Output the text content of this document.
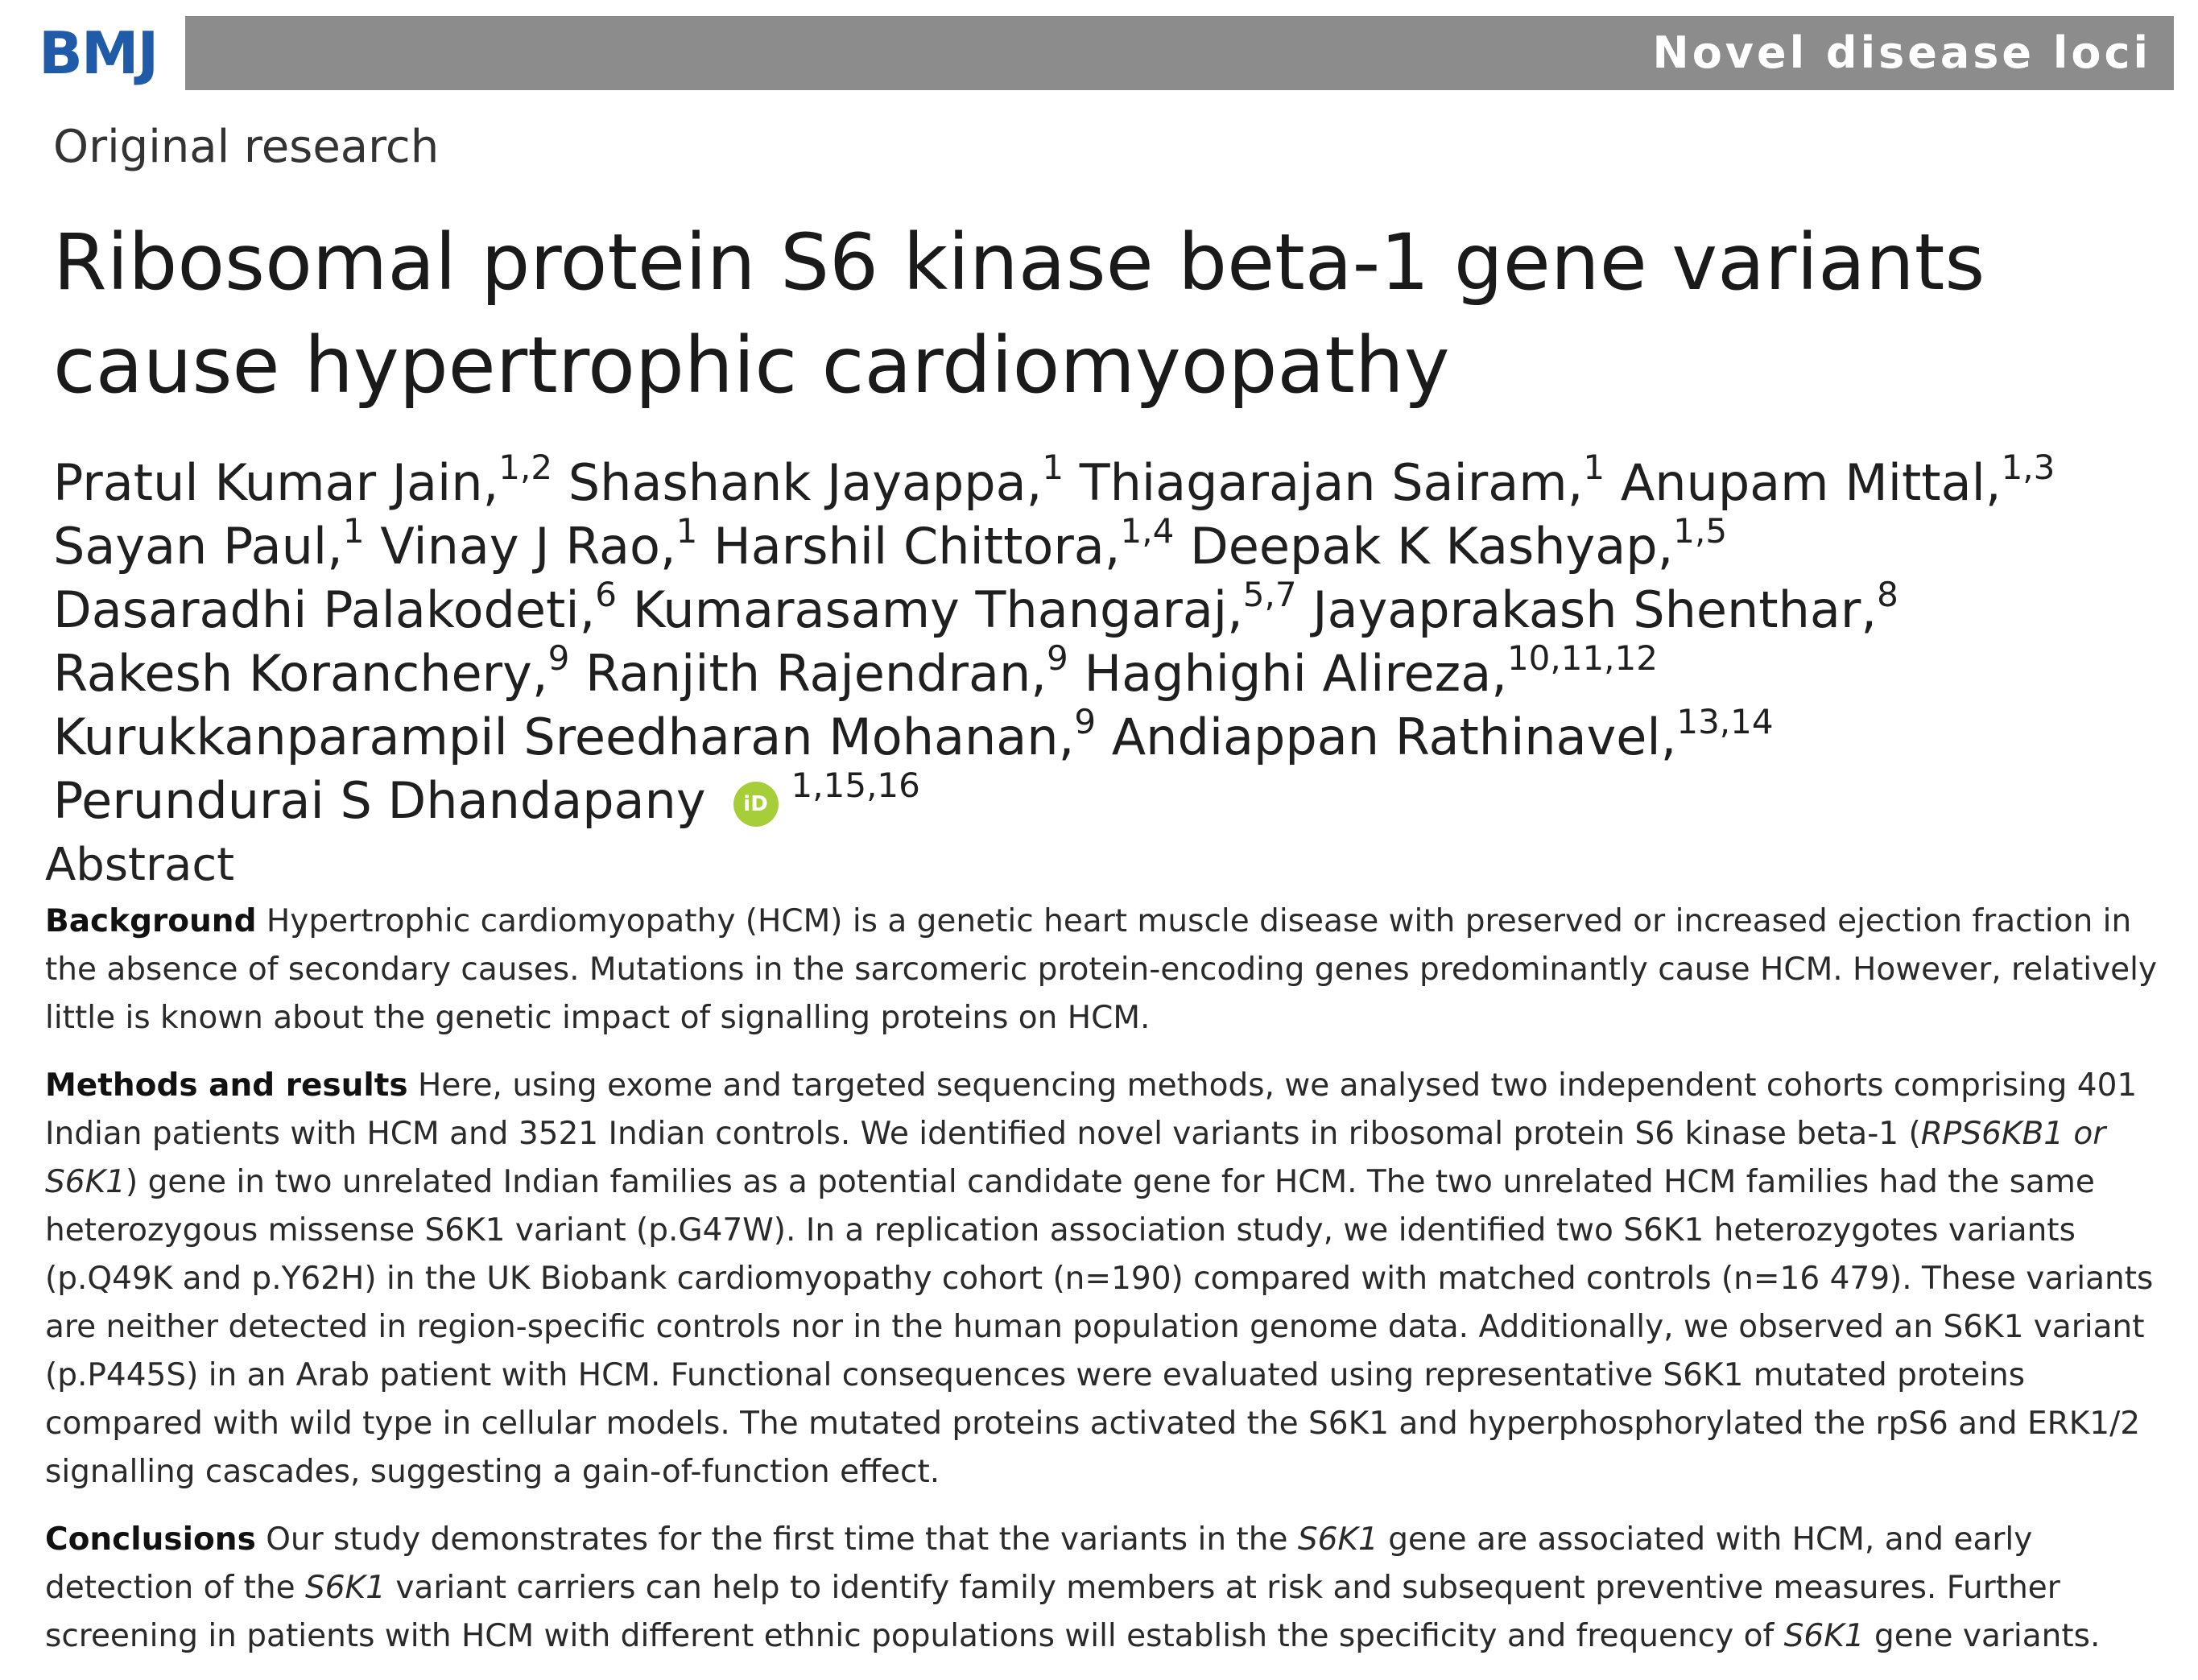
BMJ	Novel disease loci
Original research
Ribosomal protein S6 kinase beta-1 gene variants cause hypertrophic cardiomyopathy
Pratul Kumar Jain,$^{1,2}$ Shashank Jayappa,$^1$ Thiagarajan Sairam,$^1$ Anupam Mittal,$^{1,3}$
Sayan Paul,$^1$ Vinay J Rao,$^1$ Harshil Chittora,$^{1,4}$ Deepak K Kashyap,$^{1,5}$
Dasaradhi Palakodeti,$^6$ Kumarasamy Thangaraj,$^{5,7}$ Jayaprakash Shenthar,$^8$
Rakesh Koranchery,$^9$ Ranjith Rajendran,$^9$ Haghighi Alireza,$^{10,11,12}$
Kurukkanparampil Sreedharan Mohanan,$^9$ Andiappan Rathinavel,$^{13,14}$
Perundurai S Dhandapany iD $^{1,15,16}$
Abstract

Background Hypertrophic cardiomyopathy (HCM) is a genetic heart muscle disease with preserved or increased ejection fraction in the absence of secondary causes. Mutations in the sarcomeric protein-encoding genes predominantly cause HCM. However, relatively little is known about the genetic impact of signalling proteins on HCM.

Methods and results Here, using exome and targeted sequencing methods, we analysed two independent cohorts comprising 401 Indian patients with HCM and 3521 Indian controls. We identified novel variants in ribosomal protein S6 kinase beta-1 (RPS6KB1 or S6K1) gene in two unrelated Indian families as a potential candidate gene for HCM. The two unrelated HCM families had the same heterozygous missense S6K1 variant (p.G47W). In a replication association study, we identified two S6K1 heterozygotes variants (p.Q49K and p.Y62H) in the UK Biobank cardiomyopathy cohort (n=190) compared with matched controls (n=16 479). These variants are neither detected in region-specific controls nor in the human population genome data. Additionally, we observed an S6K1 variant (p.P445S) in an Arab patient with HCM. Functional consequences were evaluated using representative S6K1 mutated proteins compared with wild type in cellular models. The mutated proteins activated the S6K1 and hyperphosphorylated the rpS6 and ERK1/2 signalling cascades, suggesting a gain-of-function effect.

Conclusions Our study demonstrates for the first time that the variants in the S6K1 gene are associated with HCM, and early detection of the S6K1 variant carriers can help to identify family members at risk and subsequent preventive measures. Further screening in patients with HCM with different ethnic populations will establish the specificity and frequency of S6K1 gene variants.
